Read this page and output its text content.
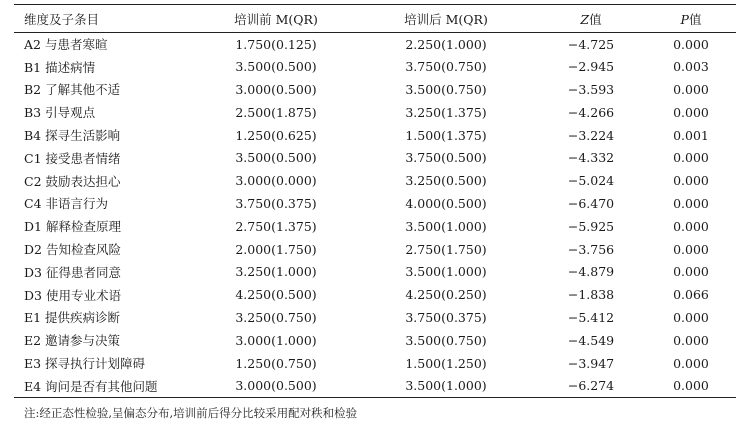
维度及子条目	培训前 M(QR)	培训后 M(QR)	Z值	P值
A2 与患者寒暄	1.750(0.125)	2.250(1.000)	−4.725	0.000
B1 描述病情	3.500(0.500)	3.750(0.750)	−2.945	0.003
B2 了解其他不适	3.000(0.500)	3.500(0.750)	−3.593	0.000
B3 引导观点	2.500(1.875)	3.250(1.375)	−4.266	0.000
B4 探寻生活影响	1.250(0.625)	1.500(1.375)	−3.224	0.001
C1 接受患者情绪	3.500(0.500)	3.750(0.500)	−4.332	0.000
C2 鼓励表达担心	3.000(0.000)	3.250(0.500)	−5.024	0.000
C4 非语言行为	3.750(0.375)	4.000(0.500)	−6.470	0.000
D1 解释检查原理	2.750(1.375)	3.500(1.000)	−5.925	0.000
D2 告知检查风险	2.000(1.750)	2.750(1.750)	−3.756	0.000
D3 征得患者同意	3.250(1.000)	3.500(1.000)	−4.879	0.000
D3 使用专业术语	4.250(0.500)	4.250(0.250)	−1.838	0.066
E1 提供疾病诊断	3.250(0.750)	3.750(0.375)	−5.412	0.000
E2 邀请参与决策	3.000(1.000)	3.500(0.750)	−4.549	0.000
E3 探寻执行计划障碍	1.250(0.750)	1.500(1.250)	−3.947	0.000
E4 询问是否有其他问题	3.000(0.500)	3.500(1.000)	−6.274	0.000
注:经正态性检验,呈偏态分布,培训前后得分比较采用配对秩和检验
